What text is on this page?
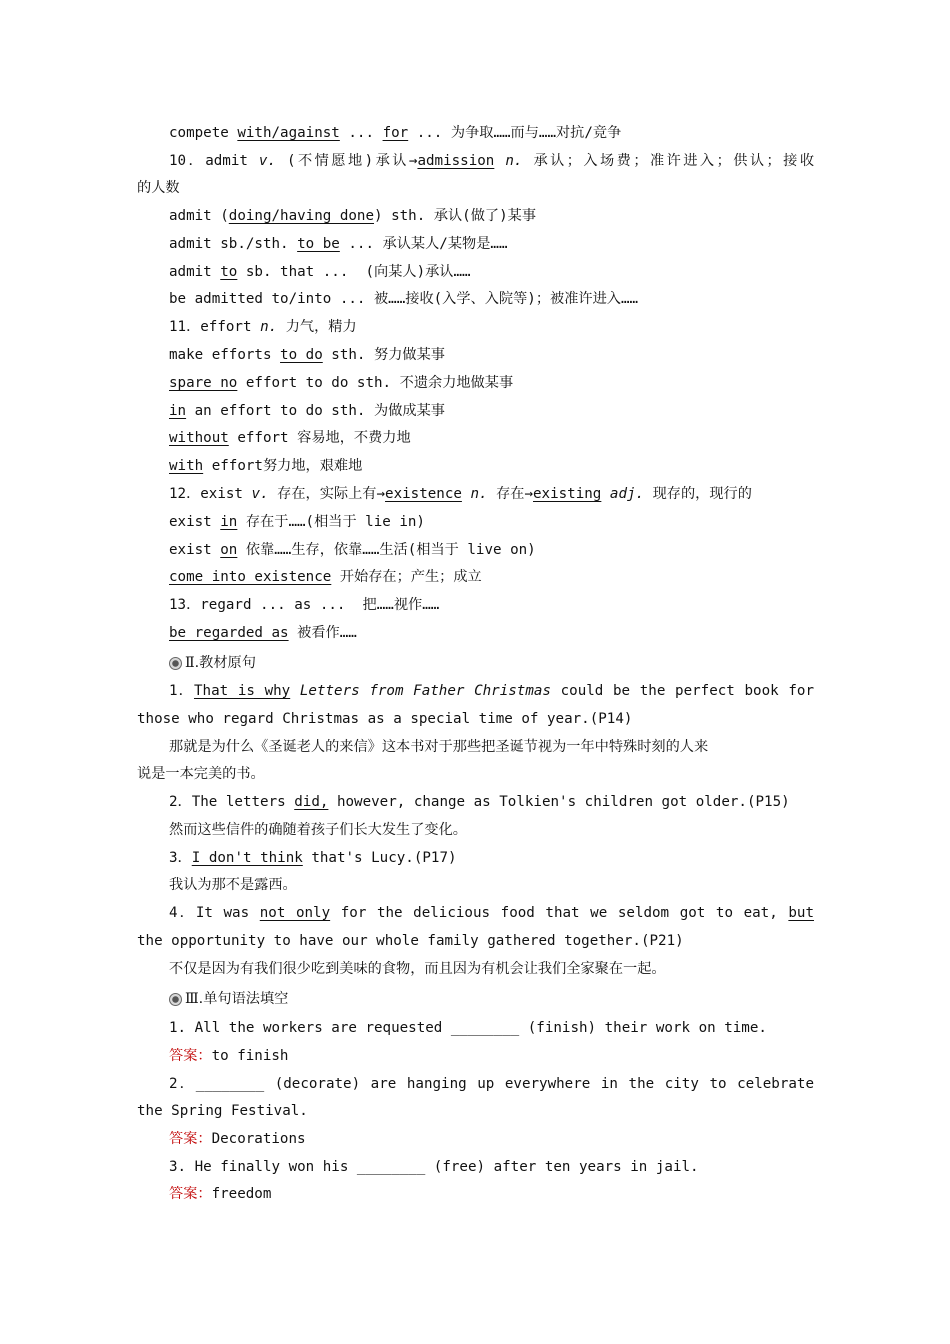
compete with/against ... for ... 为争取……而与……对抗/竞争
10．admit v. (不情愿地)承认→admission n. 承认；入场费；准许进入；供认；接收
的人数
admit (doing/having done) sth. 承认(做了)某事
admit sb./sth. to be ... 承认某人/某物是……
admit to sb. that ...  (向某人)承认……
be admitted to/into ... 被……接收(入学、入院等)；被准许进入……
11．effort n. 力气，精力
make efforts to do sth. 努力做某事
spare no effort to do sth. 不遗余力地做某事
in an effort to do sth. 为做成某事
without effort 容易地，不费力地
with effort努力地，艰难地
12．exist v. 存在，实际上有→existence n. 存在→existing adj. 现存的，现行的
exist in 存在于……(相当于 lie in)
exist on 依靠……生存，依靠……生活(相当于 live on)
come into existence 开始存在；产生；成立
13．regard ... as ...  把……视作……
be regarded as 被看作……
Ⅱ.教材原句
1．That is why Letters from Father Christmas could be the perfect book for
those who regard Christmas as a special time of year.(P14)
那就是为什么《圣诞老人的来信》这本书对于那些把圣诞节视为一年中特殊时刻的人来
说是一本完美的书。
2．The letters did, however, change as Tolkien's children got older.(P15)
然而这些信件的确随着孩子们长大发生了变化。
3．I don't think that's Lucy.(P17)
我认为那不是露西。
4．It was not only for the delicious food that we seldom got to eat, but
the opportunity to have our whole family gathered together.(P21)
不仅是因为有我们很少吃到美味的食物，而且因为有机会让我们全家聚在一起。
Ⅲ.单句语法填空
1. All the workers are requested ________ (finish) their work on time.
答案：to finish
2．________ (decorate) are hanging up everywhere in the city to celebrate
the Spring Festival.
答案：Decorations
3. He finally won his ________ (free) after ten years in jail.
答案：freedom
